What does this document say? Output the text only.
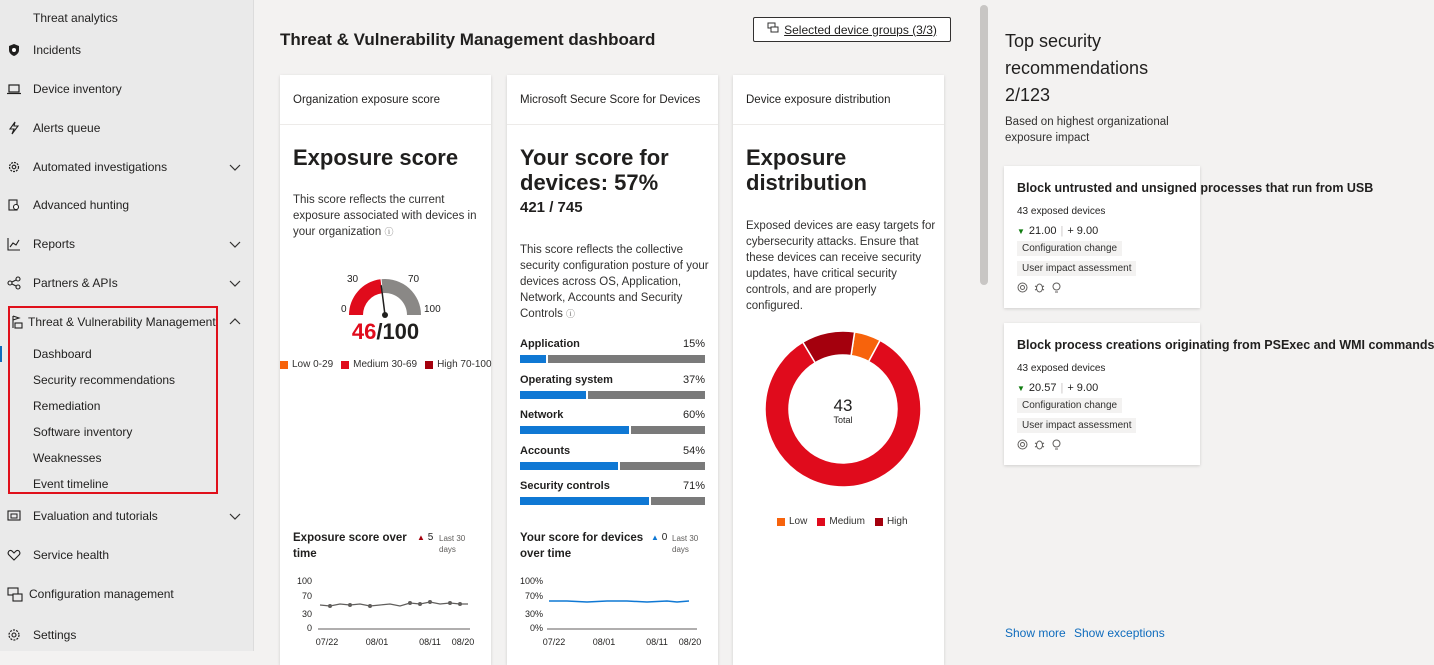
Threat analytics
Incidents
Device inventory
Alerts queue
Automated investigations
Advanced hunting
Reports
Partners & APIs
Threat & Vulnerability Management
Dashboard
Security recommendations
Remediation
Software inventory
Weaknesses
Event timeline
Evaluation and tutorials
Service health
Configuration management
Settings
Threat & Vulnerability Management dashboard
Selected device groups (3/3)
Organization exposure score
Exposure score
This score reflects the current exposure associated with devices in your organization ⓘ
0
30	70
100
46/100
Low 0-29 Medium 30-69 High 70-100
Exposure score over time
▲ 5 Last 30 days
100
70
30
0
07/22	08/01	08/11 08/20
Microsoft Secure Score for Devices
Your score for devices: 57%
421 / 745
This score reflects the collective security configuration posture of your devices across OS, Application, Network, Accounts and Security Controls ⓘ
Application	15%
Operating system	37%
Network	60%
Accounts	54%
Security controls	71%
Your score for devices over time
▲ 0 Last 30 days
100%
70%
30%
0%
07/22	08/01	08/11 08/20
Device exposure distribution
Exposure distribution
Exposed devices are easy targets for cybersecurity attacks. Ensure that these devices can receive security updates, have critical security controls, and are properly configured.
43
Total
Low Medium High
Top security recommendations 2/123
Based on highest organizational exposure impact
Block untrusted and unsigned processes that run from USB
43 exposed devices
▼ 21.00 | + 9.00
Configuration change
User impact assessment
Block process creations originating from PSExec and WMI commands
43 exposed devices
▼ 20.57 | + 9.00
Configuration change
User impact assessment
Show more Show exceptions
